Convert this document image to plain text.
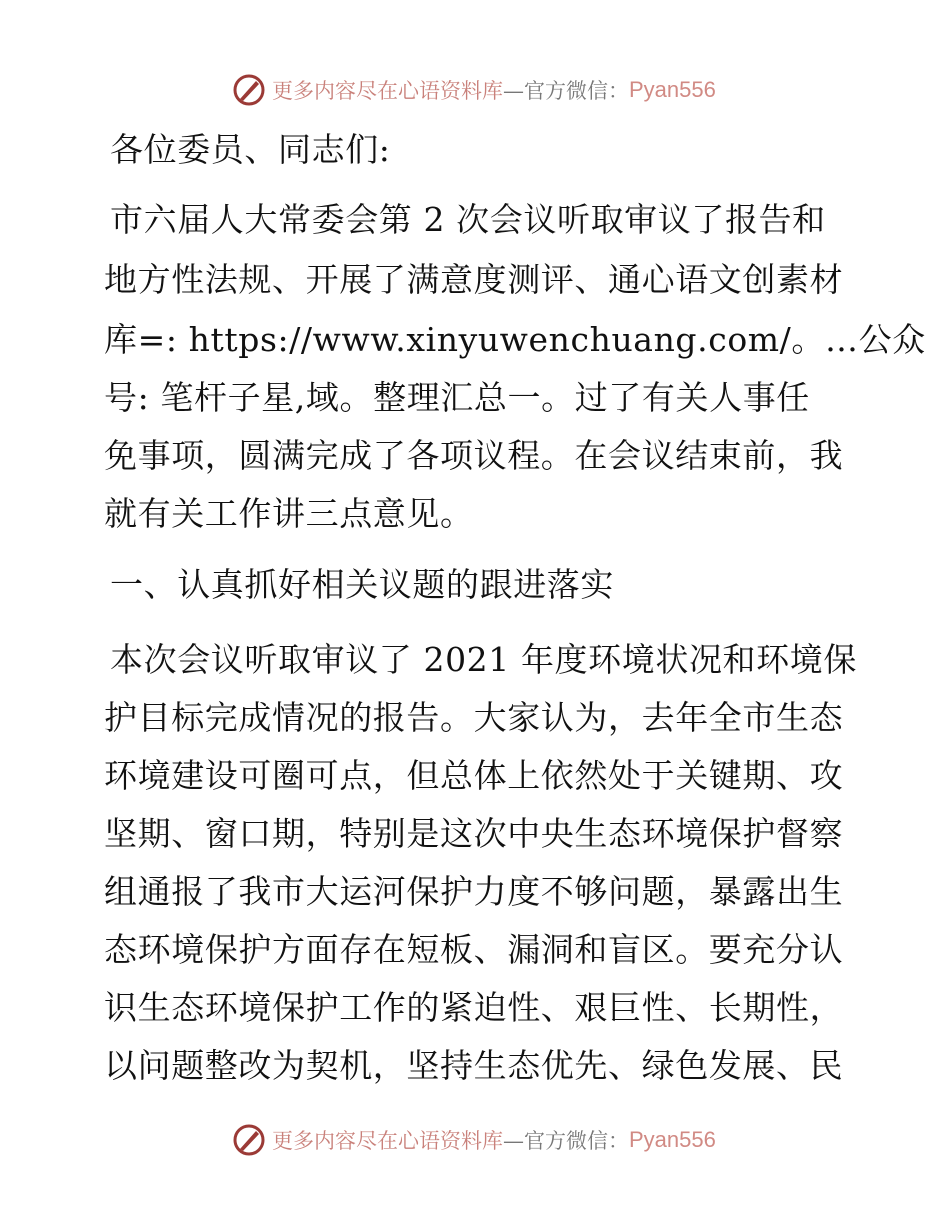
更多内容尽在心语资料库 —官方微信： Pyan556
各位委员、同志们:
市六届人大常委会第 2 次会议听取审议了报告和
地方性法规、开展了满意度测评、通心语文创素材
库=: https://www.xinyuwenchuang.com/。…公众
号: 笔杆子星,域。整理汇总一。过了有关人事任
免事项，圆满完成了各项议程。在会议结束前，我
就有关工作讲三点意见。
一、认真抓好相关议题的跟进落实
本次会议听取审议了 2021 年度环境状况和环境保
护目标完成情况的报告。大家认为，去年全市生态
环境建设可圈可点，但总体上依然处于关键期、攻
坚期、窗口期，特别是这次中央生态环境保护督察
组通报了我市大运河保护力度不够问题，暴露出生
态环境保护方面存在短板、漏洞和盲区。要充分认
识生态环境保护工作的紧迫性、艰巨性、长期性，
以问题整改为契机，坚持生态优先、绿色发展、民
更多内容尽在心语资料库 —官方微信： Pyan556
